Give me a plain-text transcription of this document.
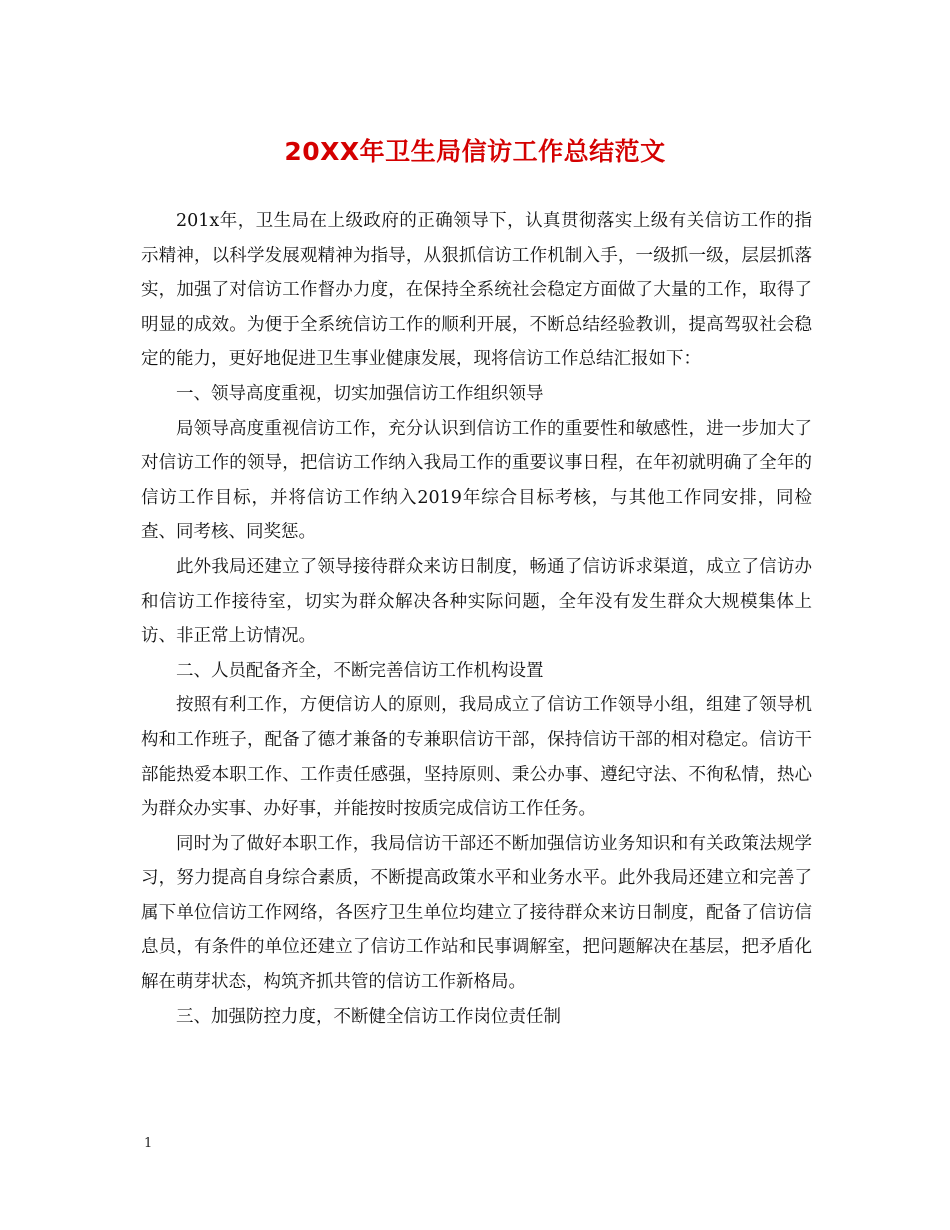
20XX年卫生局信访工作总结范文

201x年，卫生局在上级政府的正确领导下，认真贯彻落实上级有关信访工作的指示精神，以科学发展观精神为指导，从狠抓信访工作机制入手，一级抓一级，层层抓落实，加强了对信访工作督办力度，在保持全系统社会稳定方面做了大量的工作，取得了明显的成效。为便于全系统信访工作的顺利开展，不断总结经验教训，提高驾驭社会稳定的能力，更好地促进卫生事业健康发展，现将信访工作总结汇报如下：

一、领导高度重视，切实加强信访工作组织领导

局领导高度重视信访工作，充分认识到信访工作的重要性和敏感性，进一步加大了对信访工作的领导，把信访工作纳入我局工作的重要议事日程，在年初就明确了全年的信访工作目标，并将信访工作纳入2019年综合目标考核，与其他工作同安排，同检查、同考核、同奖惩。

此外我局还建立了领导接待群众来访日制度，畅通了信访诉求渠道，成立了信访办和信访工作接待室，切实为群众解决各种实际问题，全年没有发生群众大规模集体上访、非正常上访情况。

二、人员配备齐全，不断完善信访工作机构设置

按照有利工作，方便信访人的原则，我局成立了信访工作领导小组，组建了领导机构和工作班子，配备了德才兼备的专兼职信访干部，保持信访干部的相对稳定。信访干部能热爱本职工作、工作责任感强，坚持原则、秉公办事、遵纪守法、不徇私情，热心为群众办实事、办好事，并能按时按质完成信访工作任务。

同时为了做好本职工作，我局信访干部还不断加强信访业务知识和有关政策法规学习，努力提高自身综合素质，不断提高政策水平和业务水平。此外我局还建立和完善了属下单位信访工作网络，各医疗卫生单位均建立了接待群众来访日制度，配备了信访信息员，有条件的单位还建立了信访工作站和民事调解室，把问题解决在基层，把矛盾化解在萌芽状态，构筑齐抓共管的信访工作新格局。

三、加强防控力度，不断健全信访工作岗位责任制

1
